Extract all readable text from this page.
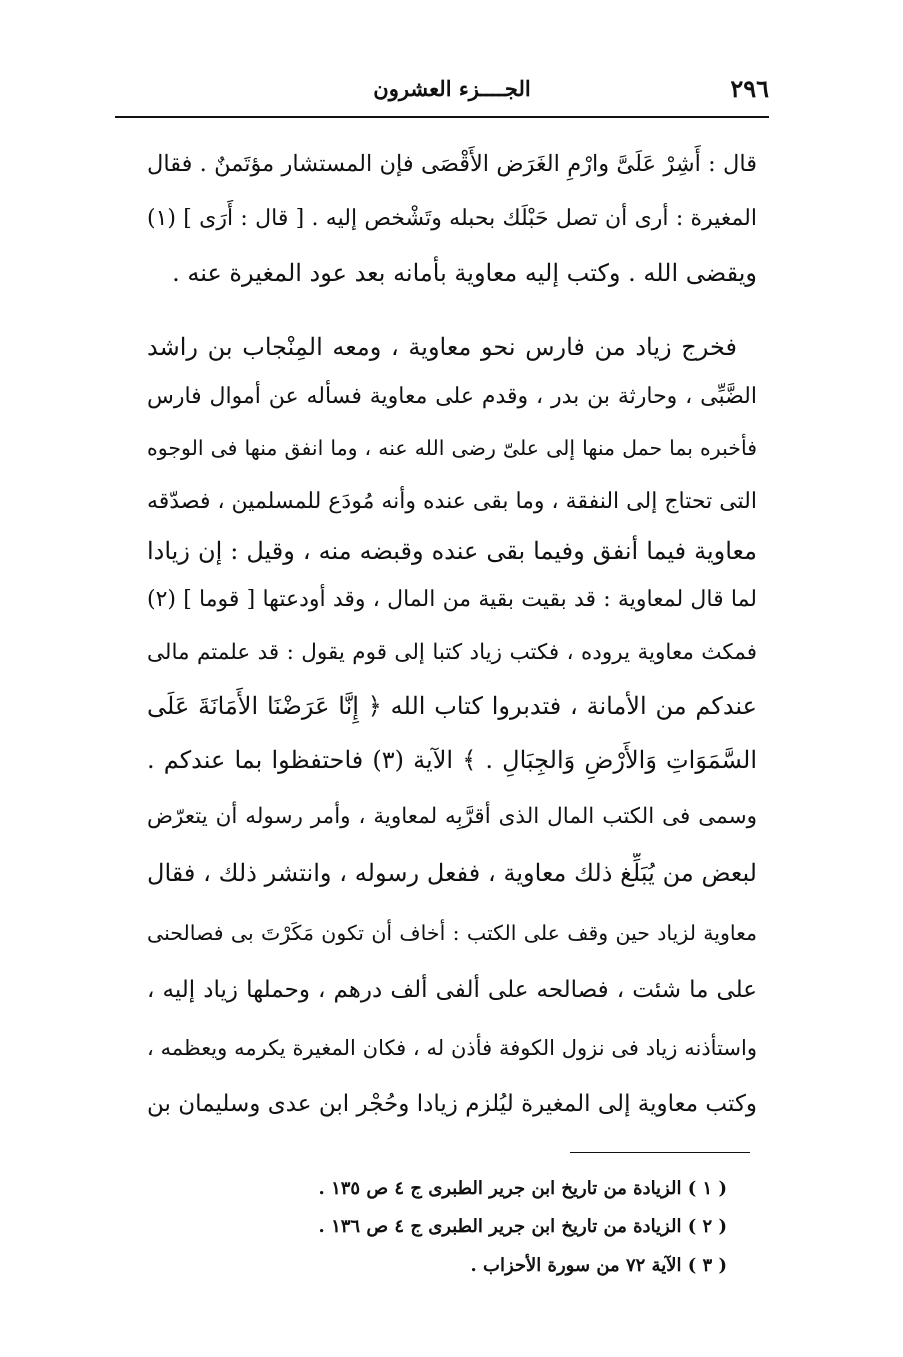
٢٩٦
الجــــزء العشرون
قال : أَشِرْ عَلَىَّ وارْمِ الغَرَض الأَقْصَى فإن المستشار مؤتَمنٌ . فقال
المغيرة : أرى أن تصل حَبْلَك بحبله وتَشْخص إليه . [ قال : أَرَى ] (١)
ويقضى الله . وكتب إليه معاوية بأمانه بعد عود المغيرة عنه .
فخرج زياد من فارس نحو معاوية ، ومعه المِنْجاب بن راشد
الضَّبِّى ، وحارثة بن بدر ، وقدم على معاوية فسأله عن أموال فارس
فأخبره بما حمل منها إلى علىّ رضى الله عنه ، وما انفق منها فى الوجوه
التى تحتاج إلى النفقة ، وما بقى عنده وأنه مُودَع للمسلمين ، فصدّقه
معاوية فيما أنفق وفيما بقى عنده وقبضه منه ، وقيل : إن زيادا
لما قال لمعاوية : قد بقيت بقية من المال ، وقد أودعتها [ قوما ] (٢)
فمكث معاوية يروده ، فكتب زياد كتبا إلى قوم يقول : قد علمتم مالى
عندكم من الأمانة ، فتدبروا كتاب الله ﴿ إِنَّا عَرَضْنَا الأَمَانَةَ عَلَى
السَّمَوَاتِ وَالأَرْضِ وَالجِبَالِ . ﴾ الآية (٣) فاحتفظوا بما عندكم .
وسمى فى الكتب المال الذى أقرَّبِه لمعاوية ، وأمر رسوله أن يتعرّض
لبعض من يُبَلِّغ ذلك معاوية ، ففعل رسوله ، وانتشر ذلك ، فقال
معاوية لزياد حين وقف على الكتب : أخاف أن تكون مَكَرْتَ بى فصالحنى
على ما شئت ، فصالحه على ألفى ألف درهم ، وحملها زياد إليه ،
واستأذنه زياد فى نزول الكوفة فأذن له ، فكان المغيرة يكرمه ويعظمه ،
وكتب معاوية إلى المغيرة ليُلزم زيادا وحُجْر ابن عدى وسليمان بن
( ١ ) الزيادة من تاريخ ابن جرير الطبرى ج ٤ ص ١٣٥ .
( ٢ ) الزيادة من تاريخ ابن جرير الطبرى ج ٤ ص ١٣٦ .
( ٣ ) الآية ٧٢ من سورة الأحزاب .
